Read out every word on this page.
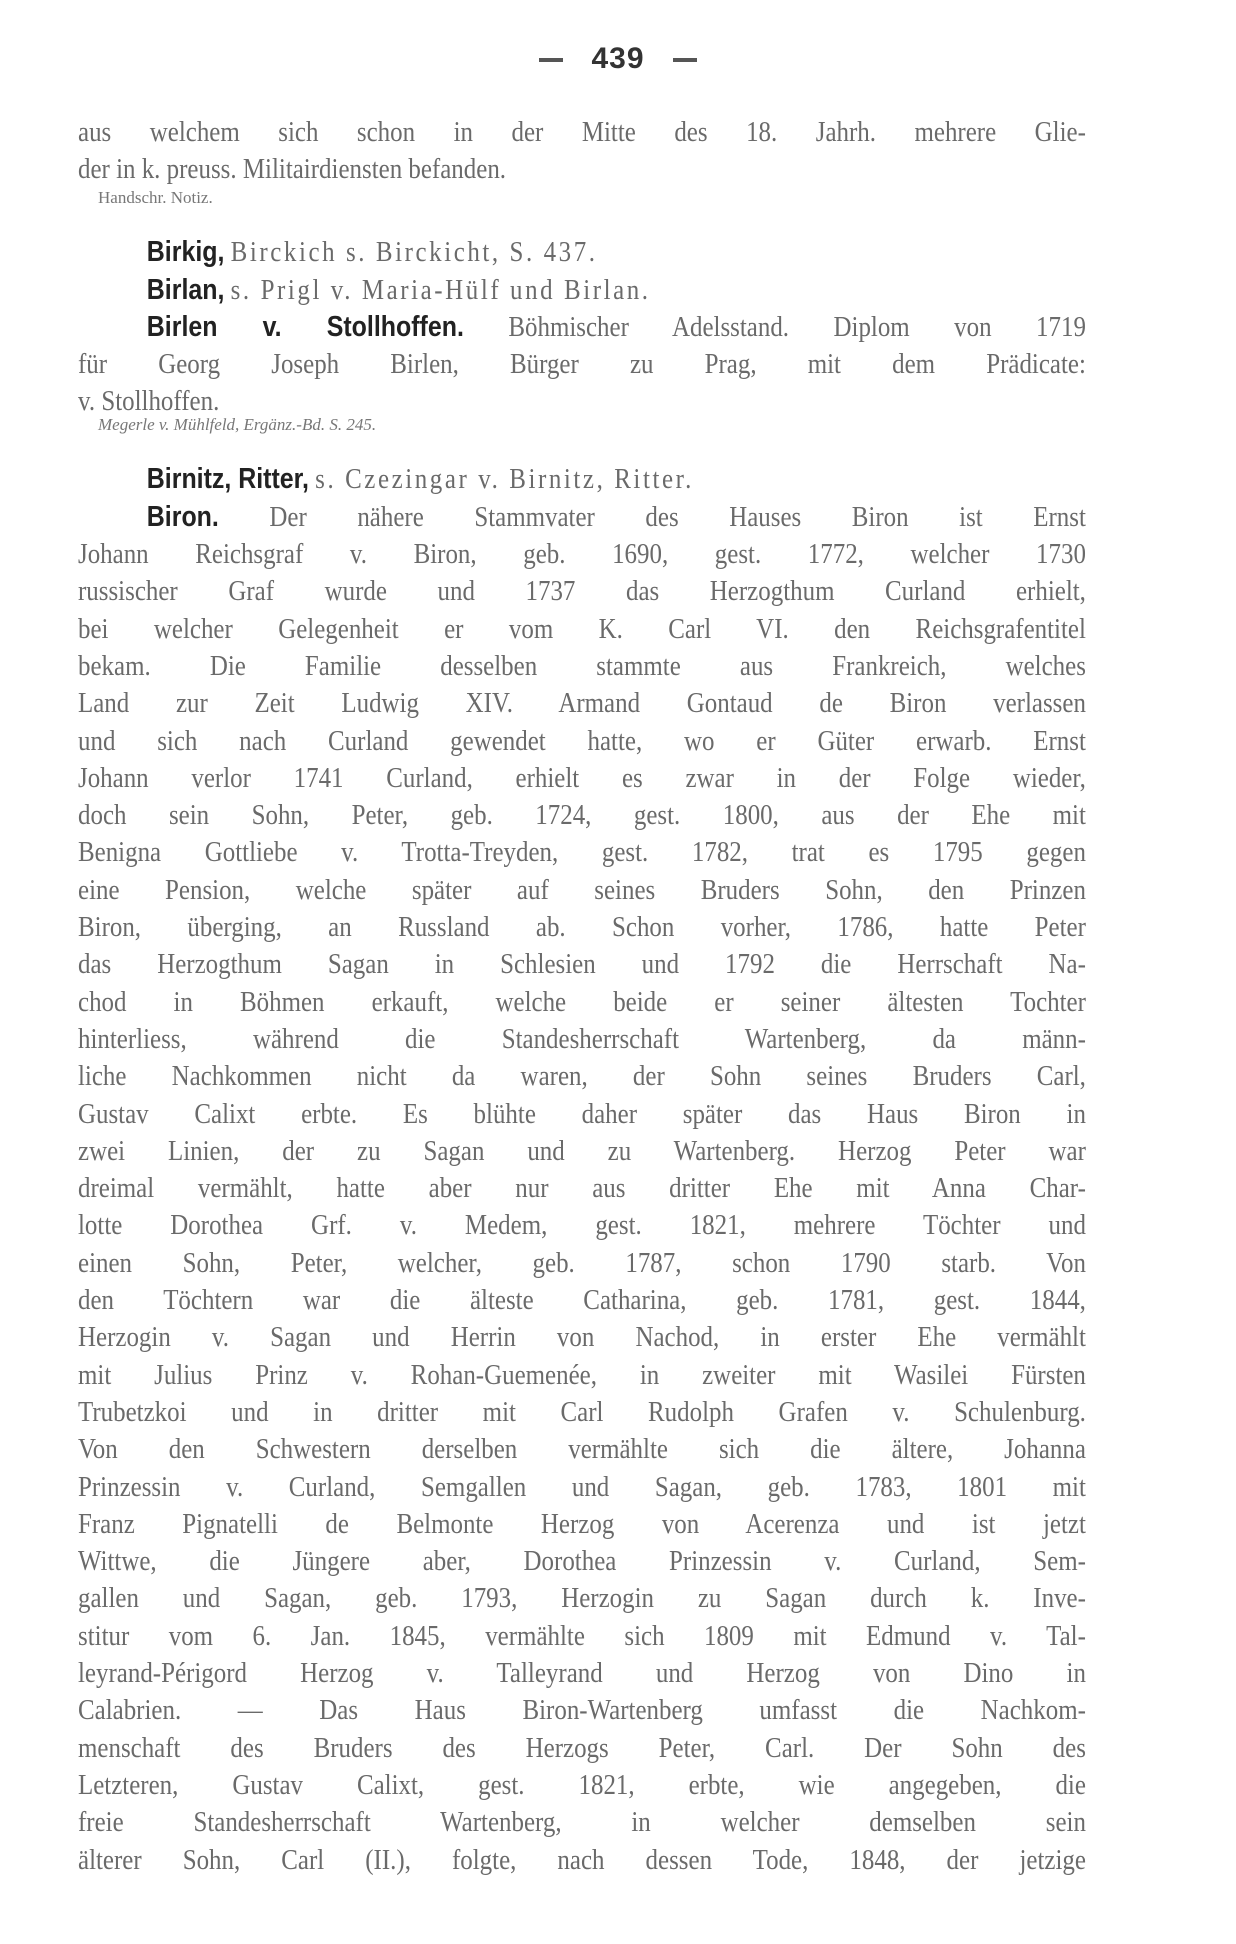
439
aus welchem sich schon in der Mitte des 18. Jahrh. mehrere Glie-
der in k. preuss. Militairdiensten befanden.
Handschr. Notiz.
Birkig, Birckich s. Birckicht, S. 437.
Birlan, s. Prigl v. Maria-Hülf und Birlan.
Birlen v. Stollhoffen. Böhmischer Adelsstand. Diplom von 1719
für Georg Joseph Birlen, Bürger zu Prag, mit dem Prädicate:
v. Stollhoffen.
Megerle v. Mühlfeld, Ergänz.-Bd. S. 245.
Birnitz, Ritter, s. Czezingar v. Birnitz, Ritter.
Biron. Der nähere Stammvater des Hauses Biron ist Ernst
Johann Reichsgraf v. Biron, geb. 1690, gest. 1772, welcher 1730
russischer Graf wurde und 1737 das Herzogthum Curland erhielt,
bei welcher Gelegenheit er vom K. Carl VI. den Reichsgrafentitel
bekam. Die Familie desselben stammte aus Frankreich, welches
Land zur Zeit Ludwig XIV. Armand Gontaud de Biron verlassen
und sich nach Curland gewendet hatte, wo er Güter erwarb. Ernst
Johann verlor 1741 Curland, erhielt es zwar in der Folge wieder,
doch sein Sohn, Peter, geb. 1724, gest. 1800, aus der Ehe mit
Benigna Gottliebe v. Trotta-Treyden, gest. 1782, trat es 1795 gegen
eine Pension, welche später auf seines Bruders Sohn, den Prinzen
Biron, überging, an Russland ab. Schon vorher, 1786, hatte Peter
das Herzogthum Sagan in Schlesien und 1792 die Herrschaft Na-
chod in Böhmen erkauft, welche beide er seiner ältesten Tochter
hinterliess, während die Standesherrschaft Wartenberg, da männ-
liche Nachkommen nicht da waren, der Sohn seines Bruders Carl,
Gustav Calixt erbte. Es blühte daher später das Haus Biron in
zwei Linien, der zu Sagan und zu Wartenberg. Herzog Peter war
dreimal vermählt, hatte aber nur aus dritter Ehe mit Anna Char-
lotte Dorothea Grf. v. Medem, gest. 1821, mehrere Töchter und
einen Sohn, Peter, welcher, geb. 1787, schon 1790 starb. Von
den Töchtern war die älteste Catharina, geb. 1781, gest. 1844,
Herzogin v. Sagan und Herrin von Nachod, in erster Ehe vermählt
mit Julius Prinz v. Rohan-Guemenée, in zweiter mit Wasilei Fürsten
Trubetzkoi und in dritter mit Carl Rudolph Grafen v. Schulenburg.
Von den Schwestern derselben vermählte sich die ältere, Johanna
Prinzessin v. Curland, Semgallen und Sagan, geb. 1783, 1801 mit
Franz Pignatelli de Belmonte Herzog von Acerenza und ist jetzt
Wittwe, die Jüngere aber, Dorothea Prinzessin v. Curland, Sem-
gallen und Sagan, geb. 1793, Herzogin zu Sagan durch k. Inve-
stitur vom 6. Jan. 1845, vermählte sich 1809 mit Edmund v. Tal-
leyrand-Périgord Herzog v. Talleyrand und Herzog von Dino in
Calabrien. — Das Haus Biron-Wartenberg umfasst die Nachkom-
menschaft des Bruders des Herzogs Peter, Carl. Der Sohn des
Letzteren, Gustav Calixt, gest. 1821, erbte, wie angegeben, die
freie Standesherrschaft Wartenberg, in welcher demselben sein
älterer Sohn, Carl (II.), folgte, nach dessen Tode, 1848, der jetzige
